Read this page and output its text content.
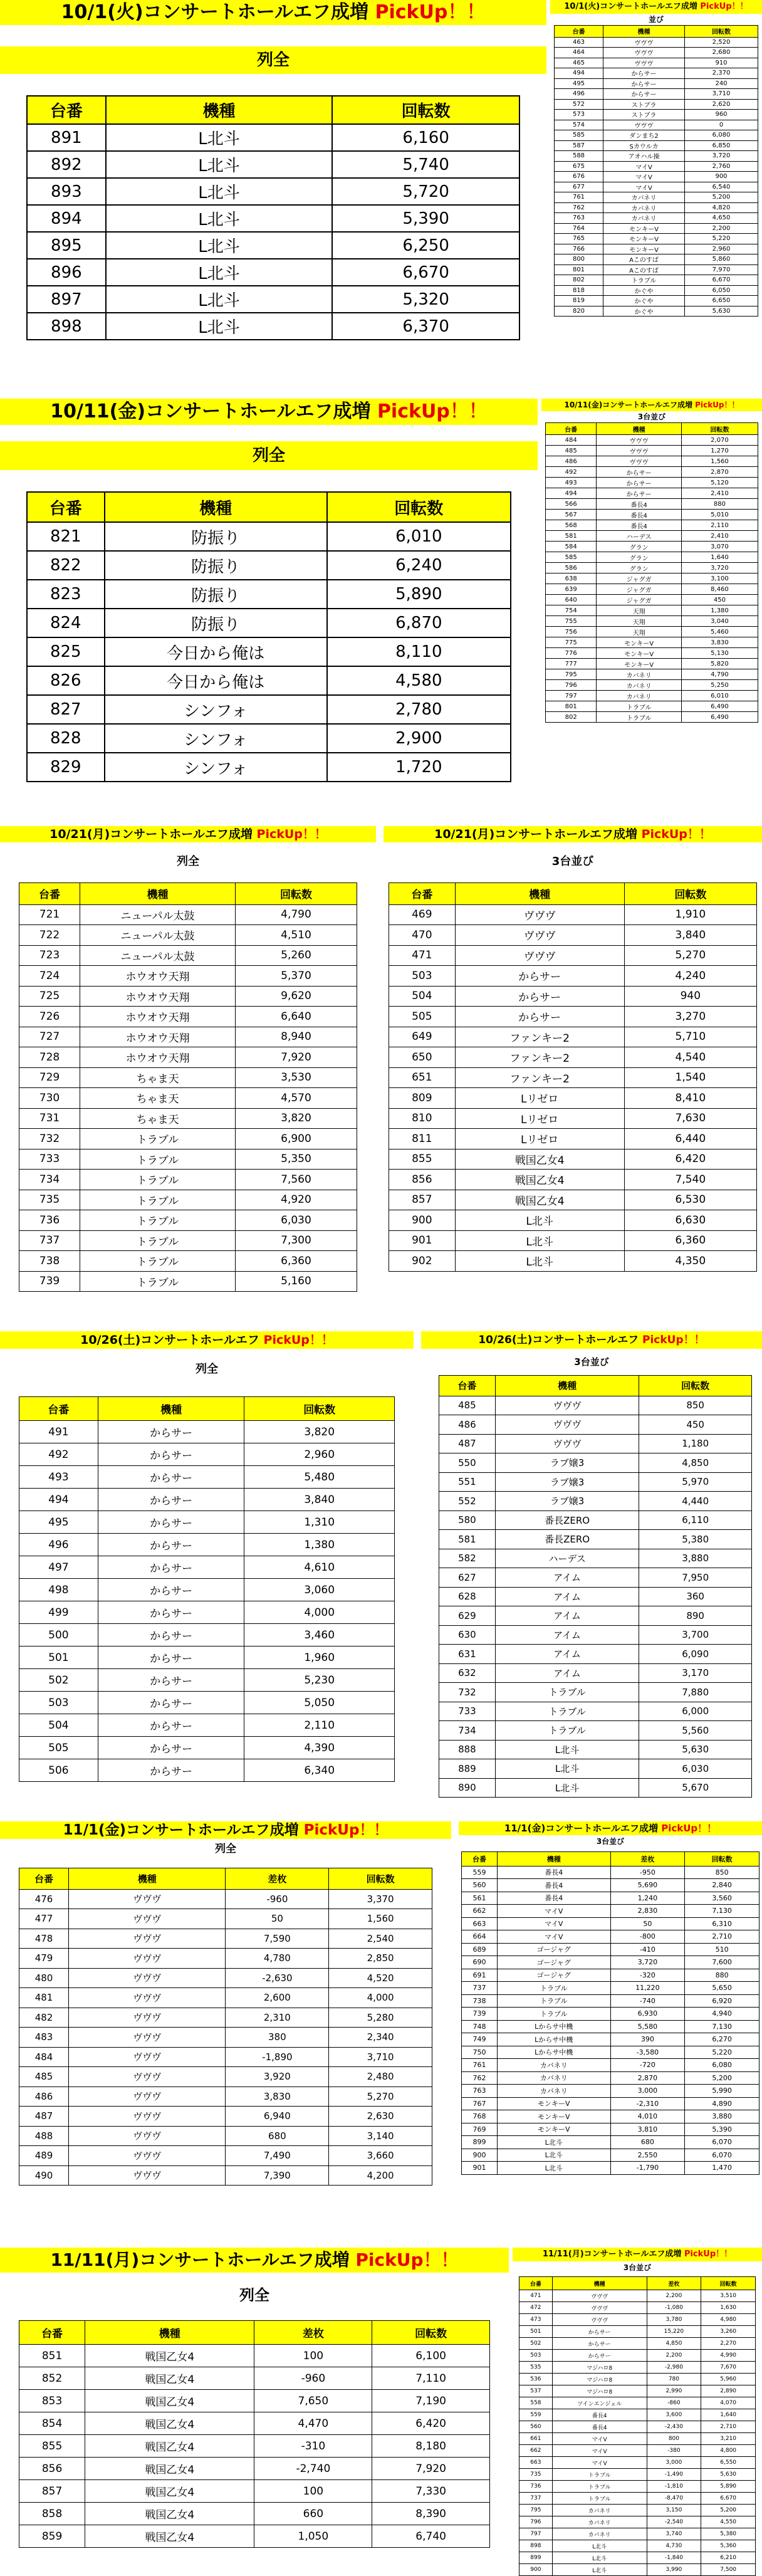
10/1(火)コンサートホールエフ成増 PickUp！！
列全
台番	機種	回転数
891	L北斗	6,160
892	L北斗	5,740
893	L北斗	5,720
894	L北斗	5,390
895	L北斗	6,250
896	L北斗	6,670
897	L北斗	5,320
898	L北斗	6,370
10/1(火)コンサートホールエフ成増 PickUp！！
並び
台番	機種	回転数
463	ヴヴヴ	2,520
464	ヴヴヴ	2,680
465	ヴヴヴ	910
494	からサー	2,370
495	からサー	240
496	からサー	3,710
572	ストブラ	2,620
573	ストブラ	960
574	ヴヴヴ	0
585	ダンまち2	6,080
587	Sカウルカ	6,850
588	アオハル操	3,720
675	マイV	2,760
676	マイV	900
677	マイV	6,540
761	カバネリ	5,200
762	カバネリ	4,820
763	カバネリ	4,650
764	モンキーV	2,200
765	モンキーV	5,220
766	モンキーV	2,960
800	Aこのすば	5,860
801	Aこのすば	7,970
802	トラブル	6,670
818	かぐや	6,050
819	かぐや	6,650
820	かぐや	5,630
10/11(金)コンサートホールエフ成増 PickUp！！
列全
台番	機種	回転数
821	防振り	6,010
822	防振り	6,240
823	防振り	5,890
824	防振り	6,870
825	今日から俺は	8,110
826	今日から俺は	4,580
827	シンフォ	2,780
828	シンフォ	2,900
829	シンフォ	1,720
10/11(金)コンサートホールエフ成増 PickUp！！
3台並び
台番	機種	回転数
484	ヴヴヴ	2,070
485	ヴヴヴ	1,270
486	ヴヴヴ	1,560
492	からサー	2,870
493	からサー	5,120
494	からサー	2,410
566	番長4	880
567	番長4	5,010
568	番長4	2,110
581	ハーデス	2,410
584	グラン	3,070
585	グラン	1,640
586	グラン	3,720
638	ジャグガ	3,100
639	ジャグガ	8,460
640	ジャグガ	450
754	天翔	1,380
755	天翔	3,040
756	天翔	5,460
775	モンキーV	3,830
776	モンキーV	5,130
777	モンキーV	5,820
795	カバネリ	4,790
796	カバネリ	5,250
797	カバネリ	6,010
801	トラブル	6,490
802	トラブル	6,490
10/21(月)コンサートホールエフ成増 PickUp！！
列全
台番	機種	回転数
721	ニューパル太鼓	4,790
722	ニューパル太鼓	4,510
723	ニューパル太鼓	5,260
724	ホウオウ天翔	5,370
725	ホウオウ天翔	9,620
726	ホウオウ天翔	6,640
727	ホウオウ天翔	8,940
728	ホウオウ天翔	7,920
729	ちゃま天	3,530
730	ちゃま天	4,570
731	ちゃま天	3,820
732	トラブル	6,900
733	トラブル	5,350
734	トラブル	7,560
735	トラブル	4,920
736	トラブル	6,030
737	トラブル	7,300
738	トラブル	6,360
739	トラブル	5,160
10/21(月)コンサートホールエフ成増 PickUp！！
3台並び
台番	機種	回転数
469	ヴヴヴ	1,910
470	ヴヴヴ	3,840
471	ヴヴヴ	5,270
503	からサー	4,240
504	からサー	940
505	からサー	3,270
649	ファンキー2	5,710
650	ファンキー2	4,540
651	ファンキー2	1,540
809	Lリゼロ	8,410
810	Lリゼロ	7,630
811	Lリゼロ	6,440
855	戦国乙女4	6,420
856	戦国乙女4	7,540
857	戦国乙女4	6,530
900	L北斗	6,630
901	L北斗	6,360
902	L北斗	4,350
10/26(土)コンサートホールエフ PickUp！！
列全
台番	機種	回転数
491	からサー	3,820
492	からサー	2,960
493	からサー	5,480
494	からサー	3,840
495	からサー	1,310
496	からサー	1,380
497	からサー	4,610
498	からサー	3,060
499	からサー	4,000
500	からサー	3,460
501	からサー	1,960
502	からサー	5,230
503	からサー	5,050
504	からサー	2,110
505	からサー	4,390
506	からサー	6,340
10/26(土)コンサートホールエフ PickUp！！
3台並び
台番	機種	回転数
485	ヴヴヴ	850
486	ヴヴヴ	450
487	ヴヴヴ	1,180
550	ラブ嬢3	4,850
551	ラブ嬢3	5,970
552	ラブ嬢3	4,440
580	番長ZERO	6,110
581	番長ZERO	5,380
582	ハーデス	3,880
627	アイム	7,950
628	アイム	360
629	アイム	890
630	アイム	3,700
631	アイム	6,090
632	アイム	3,170
732	トラブル	7,880
733	トラブル	6,000
734	トラブル	5,560
888	L北斗	5,630
889	L北斗	6,030
890	L北斗	5,670
11/1(金)コンサートホールエフ成増 PickUp！！
列全
台番	機種	差枚	回転数
476	ヴヴヴ	-960	3,370
477	ヴヴヴ	50	1,560
478	ヴヴヴ	7,590	2,540
479	ヴヴヴ	4,780	2,850
480	ヴヴヴ	-2,630	4,520
481	ヴヴヴ	2,600	4,000
482	ヴヴヴ	2,310	5,280
483	ヴヴヴ	380	2,340
484	ヴヴヴ	-1,890	3,710
485	ヴヴヴ	3,920	2,480
486	ヴヴヴ	3,830	5,270
487	ヴヴヴ	6,940	2,630
488	ヴヴヴ	680	3,140
489	ヴヴヴ	7,490	3,660
490	ヴヴヴ	7,390	4,200
11/1(金)コンサートホールエフ成増 PickUp！！
3台並び
台番	機種	差枚	回転数
559	番長4	-950	850
560	番長4	5,690	2,840
561	番長4	1,240	3,560
662	マイV	2,830	7,130
663	マイV	50	6,310
664	マイV	-800	2,710
689	ゴージャグ	-410	510
690	ゴージャグ	3,720	7,600
691	ゴージャグ	-320	880
737	トラブル	11,220	5,650
738	トラブル	-740	6,920
739	トラブル	6,930	4,940
748	Lからサ中機	5,580	7,130
749	Lからサ中機	390	6,270
750	Lからサ中機	-3,580	5,220
761	カバネリ	-720	6,080
762	カバネリ	2,870	5,200
763	カバネリ	3,000	5,990
767	モンキーV	-2,310	4,890
768	モンキーV	4,010	3,880
769	モンキーV	3,810	5,390
899	L北斗	680	6,070
900	L北斗	2,550	6,070
901	L北斗	-1,790	1,470
11/11(月)コンサートホールエフ成増 PickUp！！
列全
台番	機種	差枚	回転数
851	戦国乙女4	100	6,100
852	戦国乙女4	-960	7,110
853	戦国乙女4	7,650	7,190
854	戦国乙女4	4,470	6,420
855	戦国乙女4	-310	8,180
856	戦国乙女4	-2,740	7,920
857	戦国乙女4	100	7,330
858	戦国乙女4	660	8,390
859	戦国乙女4	1,050	6,740
11/11(月)コンサートホールエフ成増 PickUp！！
3台並び
台番	機種	差枚	回転数
471	ヴヴヴ	2,200	3,510
472	ヴヴヴ	-1,080	1,630
473	ヴヴヴ	3,780	4,980
501	からサー	15,220	3,260
502	からサー	4,850	2,270
503	からサー	2,200	4,990
535	マジハロ8	-2,980	7,670
536	マジハロ8	780	5,960
537	マジハロ8	2,990	2,890
558	ツインエンジェル	-860	4,070
559	番長4	3,600	1,640
560	番長4	-2,430	2,710
661	マイV	800	3,210
662	マイV	-380	4,800
663	マイV	3,000	6,550
735	トラブル	-1,490	5,630
736	トラブル	-1,810	5,890
737	トラブル	-8,470	6,670
795	カバネリ	3,150	5,200
796	カバネリ	-2,540	4,550
797	カバネリ	3,740	5,380
898	L北斗	4,730	5,360
899	L北斗	-1,840	6,210
900	L北斗	3,990	7,500
